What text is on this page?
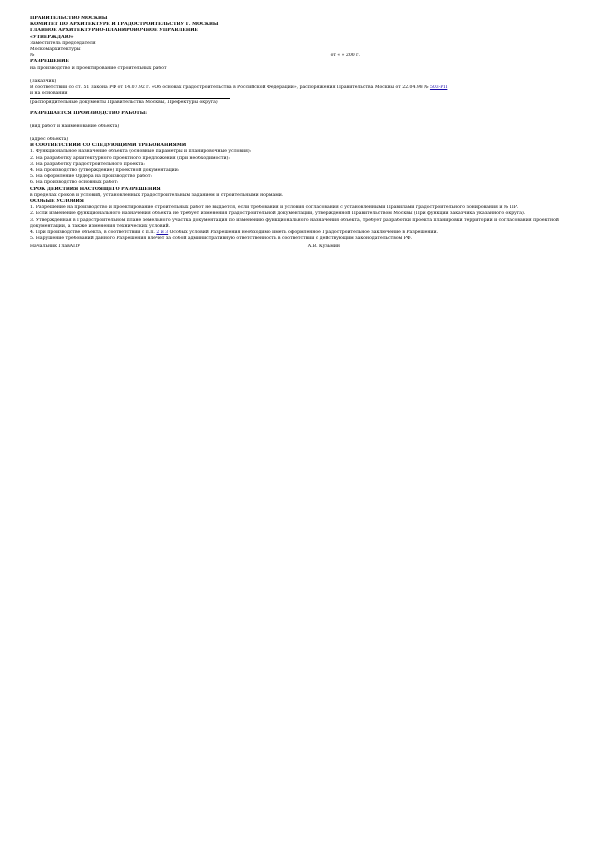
ПРАВИТЕЛЬСТВО МОСКВЫ
КОМИТЕТ ПО АРХИТЕКТУРЕ И ГРАДОСТРОИТЕЛЬСТВУ Г. МОСКВЫ
ГЛАВНОЕ АРХИТЕКТУРНО-ПЛАНИРОВОЧНОЕ УПРАВЛЕНИЕ
«УТВЕРЖДАЮ»
Заместитель председателя
Москомархитектуры
№	от « » 200 г.
РАЗРЕШЕНИЕ
на производство и проектирование строительных работ
(Заказчик)
В соответствии со ст. 51 Закона РФ от 14.07.92 г. «Об основах градостроительства в Российской Федерации», распоряжения Правительства Москвы от 22.04.98 № 503-РП
и на основании
(распорядительные документы Правительства Москвы, Префектуры округа)
РАЗРЕШАЕТСЯ ПРОИЗВОДСТВО РАБОТЫ:
(вид работ и наименование объекта)
(адрес объекта)
В СООТВЕТСТВИИ СО СЛЕДУЮЩИМИ ТРЕБОВАНИЯМИ
1. Функциональное назначение объекта (основные параметры и планировочные условия):
2. На разработку архитектурного проектного предложения (при необходимости):
3. На разработку градостроительного проекта:
4. На производство (утверждение) проектной документации:
5. На оформление Ордера на производство работ:
6. На производство основных работ:
СРОК ДЕЙСТВИЯ НАСТОЯЩЕГО РАЗРЕШЕНИЯ
в пределах сроков и условий, установленных градостроительным заданием и строительными нормами.
ОСОБЫЕ УСЛОВИЯ
1. Разрешение на производство и проектирование строительных работ не выдается, если требования и условия согласования с установленными Правилами градостроительного зонирования и № ПР.
2. Если изменение функционального назначения объекта не требует изменения градостроительной документации, утвержденной Правительством Москвы (При функции заказчика указанного округа).
3. Утвержденная в Градостроительном плане земельного участка документация по изменению функционального назначения объекта, требует разработки проекта планировки территории и согласования проектной документации, а также изменения технических условий.
4. При производстве объекта, в соответствии с п.п. 2 и 3 Особых условий Разрешения необходимо иметь оформленное Градостроительное заключение в Разрешении.
5. Нарушение требований данного Разрешения влечет за собой административную ответственность в соответствии с действующим законодательством РФ.
Начальник ГлавАПУ	А.В. Кузьмин
